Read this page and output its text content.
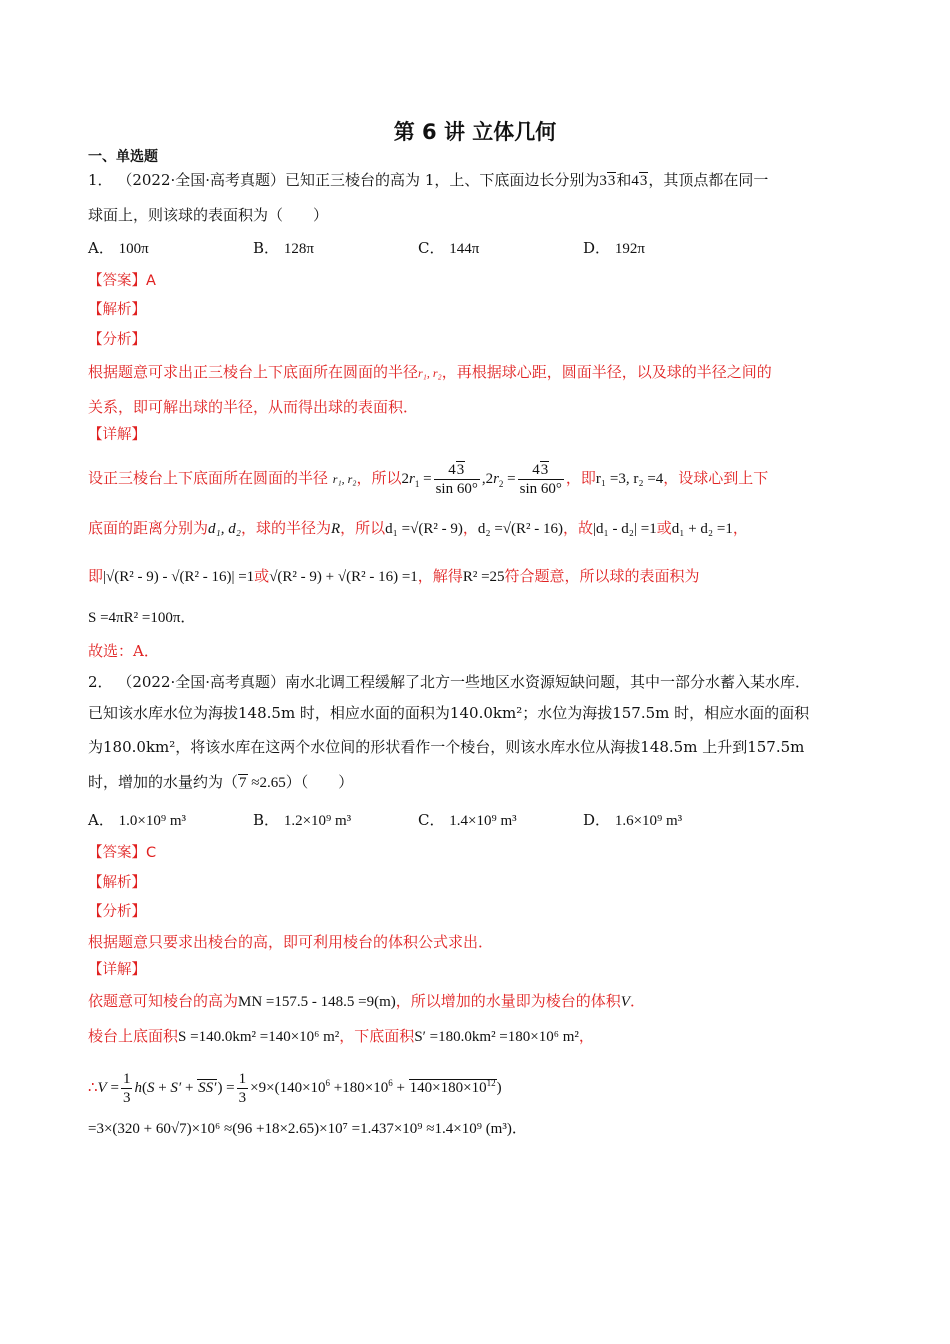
第 6 讲 立体几何
一、单选题
1． （2022·全国·高考真题）已知正三棱台的高为 1，上、下底面边长分别为33和43，其顶点都在同一
球面上，则该球的表面积为（　　）
A． 100π	B． 128π	C． 144π	D． 192π
【答案】A
【解析】
【分析】
根据题意可求出正三棱台上下底面所在圆面的半径r₁, r₂，再根据球心距，圆面半径，以及球的半径之间的
关系，即可解出球的半径，从而得出球的表面积．
【详解】
设正三棱台上下底面所在圆面的半径 r₁, r₂，所以$2r_1 = \frac{43}{\sin 60^\circ} ,2r_2 = \frac{43}{\sin 60^\circ}$ ，即r₁ =3, r₂ =4，设球心到上下
底面的距离分别为d₁, d₂，球的半径为R，所以d₁ =√(R² - 9)，d₂ =√(R² - 16)，故|d₁ - d₂| =1或d₁ + d₂ =1，
即|√(R² - 9) - √(R² - 16)| =1或√(R² - 9) + √(R² - 16) =1，解得R² =25符合题意，所以球的表面积为
S =4πR² =100π．
故选：A．
2． （2022·全国·高考真题）南水北调工程缓解了北方一些地区水资源短缺问题，其中一部分水蓄入某水库．
已知该水库水位为海拔148.5m 时，相应水面的面积为140.0km²；水位为海拔157.5m 时，相应水面的面积
为180.0km²，将该水库在这两个水位间的形状看作一个棱台，则该水库水位从海拔148.5m 上升到157.5m
时，增加的水量约为（7 ≈2.65）（　　）
A． 1.0×10⁹ m³	B． 1.2×10⁹ m³	C． 1.4×10⁹ m³	D． 1.6×10⁹ m³
【答案】C
【解析】
【分析】
根据题意只要求出棱台的高，即可利用棱台的体积公式求出．
【详解】
依题意可知棱台的高为MN =157.5 - 148.5 =9(m)，所以增加的水量即为棱台的体积V．
棱台上底面积S =140.0km² =140×10⁶ m²，下底面积S′ =180.0km² =180×10⁶ m²，
∴V = $\frac{1}{3} h(S + S' + SS') = \frac{1}{3} \times 9\times(140\times 10^6 +180\times 10^6 + 140\times 180\times 10^{12})$
=3×(320 + 60√7)×10⁶ ≈(96 +18×2.65)×10⁷ =1.437×10⁹ ≈1.4×10⁹ (m³)．
